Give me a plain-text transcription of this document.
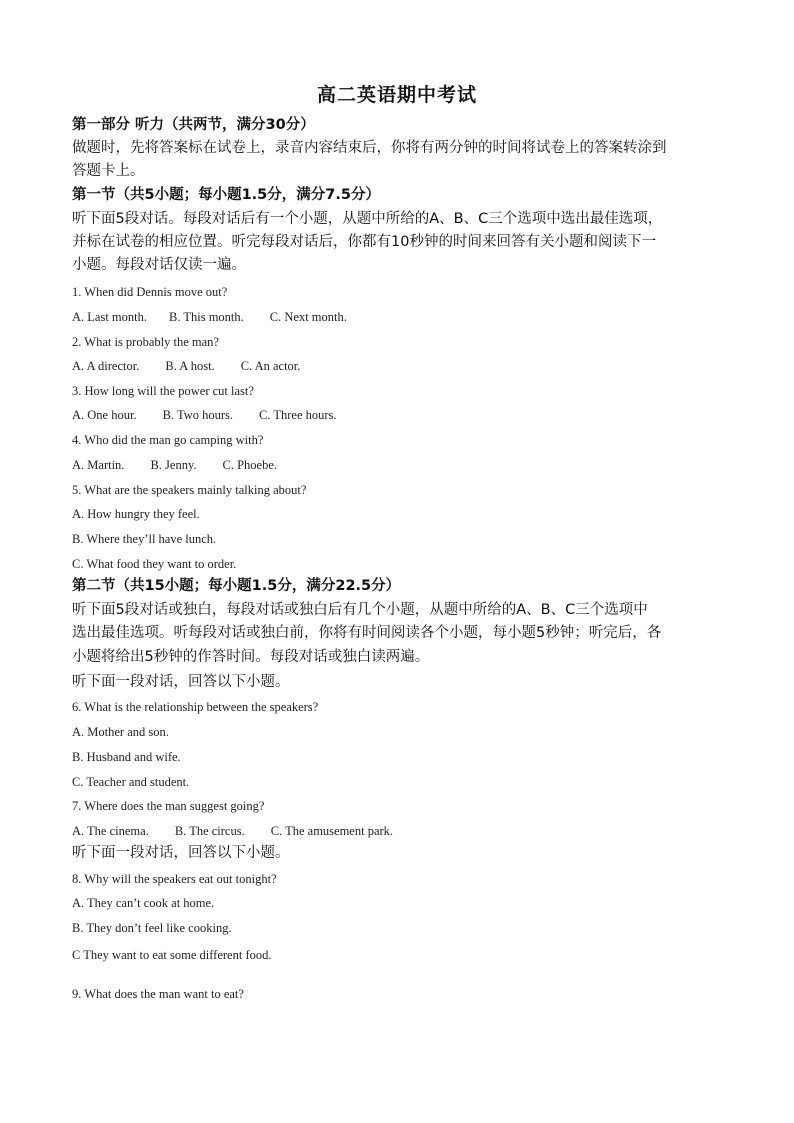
高二英语期中考试
第一部分 听力（共两节，满分30分）
做题时，先将答案标在试卷上，录音内容结束后，你将有两分钟的时间将试卷上的答案转涂到
答题卡上。
第一节（共5小题；每小题1.5分，满分7.5分）
听下面5段对话。每段对话后有一个小题，从题中所给的A、B、C三个选项中选出最佳选项，
并标在试卷的相应位置。听完每段对话后，你都有10秒钟的时间来回答有关小题和阅读下一
小题。每段对话仅读一遍。
1. When did Dennis move out?
A. Last month. B. This month. C. Next month.
2. What is probably the man?
A. A director. B. A host. C. An actor.
3. How long will the power cut last?
A. One hour. B. Two hours. C. Three hours.
4. Who did the man go camping with?
A. Martin. B. Jenny. C. Phoebe.
5. What are the speakers mainly talking about?
A. How hungry they feel.
B. Where they’ll have lunch.
C. What food they want to order.
第二节（共15小题；每小题1.5分，满分22.5分）
听下面5段对话或独白，每段对话或独白后有几个小题，从题中所给的A、B、C三个选项中
选出最佳选项。听每段对话或独白前，你将有时间阅读各个小题，每小题5秒钟；听完后，各
小题将给出5秒钟的作答时间。每段对话或独白读两遍。
听下面一段对话，回答以下小题。
6. What is the relationship between the speakers?
A. Mother and son.
B. Husband and wife.
C. Teacher and student.
7. Where does the man suggest going?
A. The cinema. B. The circus. C. The amusement park.
听下面一段对话，回答以下小题。
8. Why will the speakers eat out tonight?
A. They can’t cook at home.
B. They don’t feel like cooking.
C They want to eat some different food.
9. What does the man want to eat?
